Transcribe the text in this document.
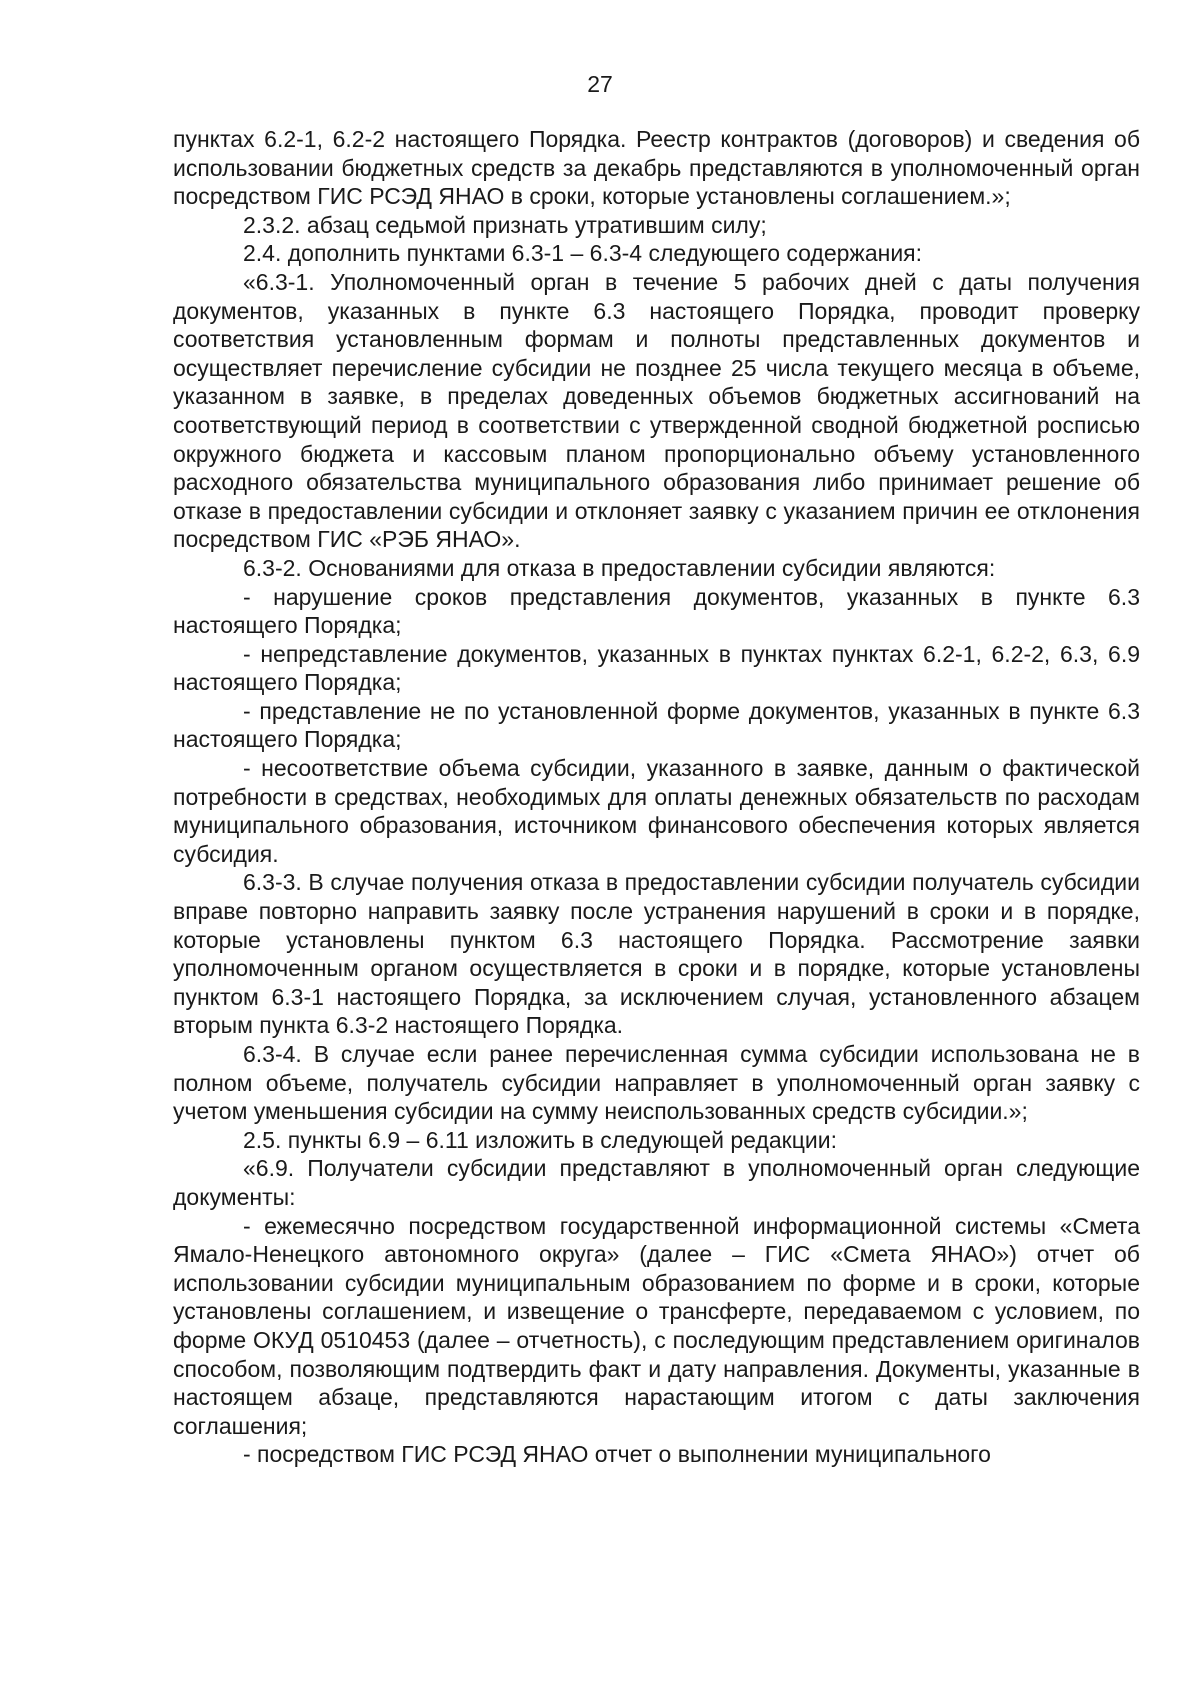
27

пунктах 6.2-1, 6.2-2 настоящего Порядка. Реестр контрактов (договоров) и сведения об использовании бюджетных средств за декабрь представляются в уполномоченный орган посредством ГИС РСЭД ЯНАО в сроки, которые установлены соглашением.»;

2.3.2. абзац седьмой признать утратившим силу;

2.4. дополнить пунктами 6.3-1 – 6.3-4 следующего содержания:

«6.3-1. Уполномоченный орган в течение 5 рабочих дней с даты получения документов, указанных в пункте 6.3 настоящего Порядка, проводит проверку соответствия установленным формам и полноты представленных документов и осуществляет перечисление субсидии не позднее 25 числа текущего месяца в объеме, указанном в заявке, в пределах доведенных объемов бюджетных ассигнований на соответствующий период в соответствии с утвержденной сводной бюджетной росписью окружного бюджета и кассовым планом пропорционально объему установленного расходного обязательства муниципального образования либо принимает решение об отказе в предоставлении субсидии и отклоняет заявку с указанием причин ее отклонения посредством ГИС «РЭБ ЯНАО».

6.3-2. Основаниями для отказа в предоставлении субсидии являются:

- нарушение сроков представления документов, указанных в пункте 6.3 настоящего Порядка;

- непредставление документов, указанных в пунктах пунктах 6.2-1, 6.2-2, 6.3, 6.9 настоящего Порядка;

- представление не по установленной форме документов, указанных в пункте 6.3 настоящего Порядка;

- несоответствие объема субсидии, указанного в заявке, данным о фактической потребности в средствах, необходимых для оплаты денежных обязательств по расходам муниципального образования, источником финансового обеспечения которых является субсидия.

6.3-3. В случае получения отказа в предоставлении субсидии получатель субсидии вправе повторно направить заявку после устранения нарушений в сроки и в порядке, которые установлены пунктом 6.3 настоящего Порядка. Рассмотрение заявки уполномоченным органом осуществляется в сроки и в порядке, которые установлены пунктом 6.3-1 настоящего Порядка, за исключением случая, установленного абзацем вторым пункта 6.3-2 настоящего Порядка.

6.3-4. В случае если ранее перечисленная сумма субсидии использована не в полном объеме, получатель субсидии направляет в уполномоченный орган заявку с учетом уменьшения субсидии на сумму неиспользованных средств субсидии.»;

2.5. пункты 6.9 – 6.11 изложить в следующей редакции:

«6.9. Получатели субсидии представляют в уполномоченный орган следующие документы:

- ежемесячно посредством государственной информационной системы «Смета Ямало-Ненецкого автономного округа» (далее – ГИС «Смета ЯНАО») отчет об использовании субсидии муниципальным образованием по форме и в сроки, которые установлены соглашением, и извещение о трансферте, передаваемом с условием, по форме ОКУД 0510453 (далее – отчетность), с последующим представлением оригиналов способом, позволяющим подтвердить факт и дату направления. Документы, указанные в настоящем абзаце, представляются нарастающим итогом с даты заключения соглашения;

- посредством ГИС РСЭД ЯНАО отчет о выполнении муниципального
